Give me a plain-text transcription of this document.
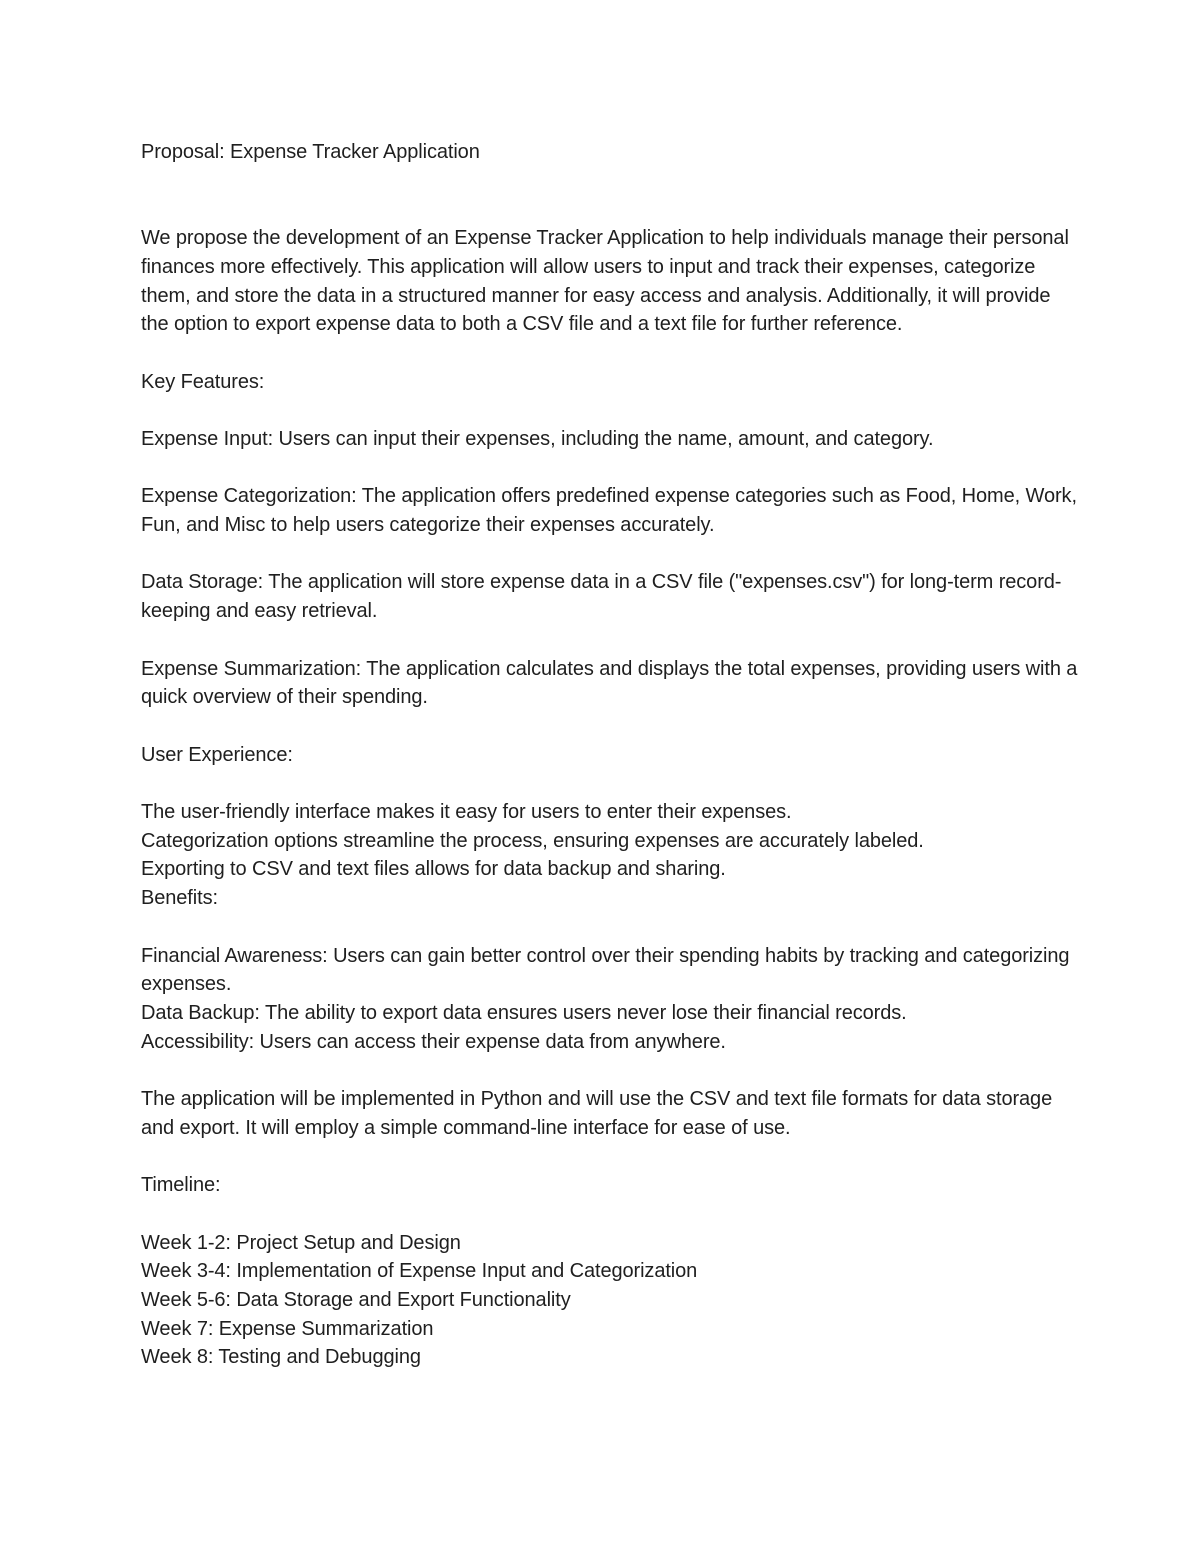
Proposal: Expense Tracker Application

We propose the development of an Expense Tracker Application to help individuals manage their personal finances more effectively. This application will allow users to input and track their expenses, categorize them, and store the data in a structured manner for easy access and analysis. Additionally, it will provide the option to export expense data to both a CSV file and a text file for further reference.

Key Features:

Expense Input: Users can input their expenses, including the name, amount, and category.

Expense Categorization: The application offers predefined expense categories such as Food, Home, Work, Fun, and Misc to help users categorize their expenses accurately.

Data Storage: The application will store expense data in a CSV file ("expenses.csv") for long-term record-keeping and easy retrieval.

Expense Summarization: The application calculates and displays the total expenses, providing users with a quick overview of their spending.

User Experience:

The user-friendly interface makes it easy for users to enter their expenses.

Categorization options streamline the process, ensuring expenses are accurately labeled.

Exporting to CSV and text files allows for data backup and sharing.

Benefits:

Financial Awareness: Users can gain better control over their spending habits by tracking and categorizing expenses.

Data Backup: The ability to export data ensures users never lose their financial records.

Accessibility: Users can access their expense data from anywhere.

The application will be implemented in Python and will use the CSV and text file formats for data storage and export. It will employ a simple command-line interface for ease of use.

Timeline:

Week 1-2: Project Setup and Design

Week 3-4: Implementation of Expense Input and Categorization

Week 5-6: Data Storage and Export Functionality

Week 7: Expense Summarization

Week 8: Testing and Debugging
